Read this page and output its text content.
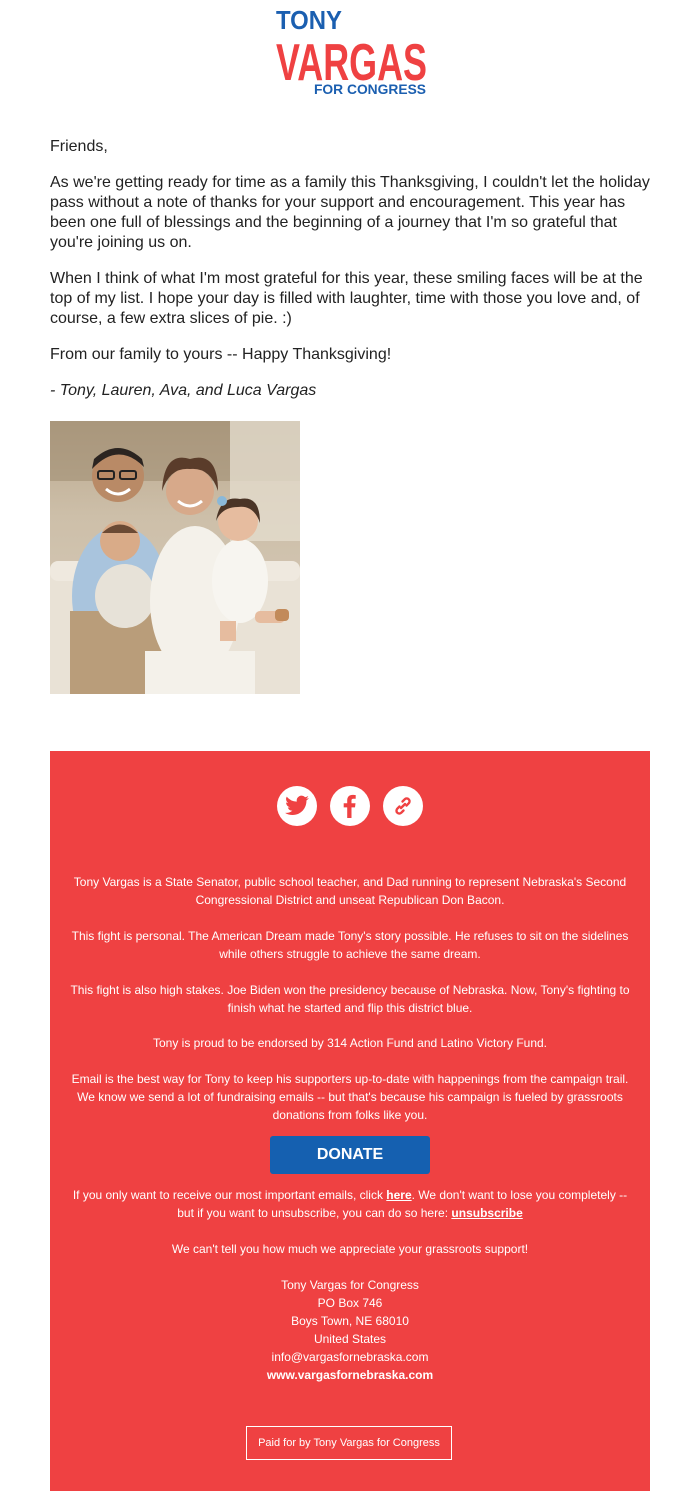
TONY
VARGAS
FOR CONGRESS

Friends,

As we're getting ready for time as a family this Thanksgiving, I couldn't let the holiday pass without a note of thanks for your support and encouragement. This year has been one full of blessings and the beginning of a journey that I'm so grateful that you're joining us on.

When I think of what I'm most grateful for this year, these smiling faces will be at the top of my list. I hope your day is filled with laughter, time with those you love and, of course, a few extra slices of pie. :)

From our family to yours -- Happy Thanksgiving!

- Tony, Lauren, Ava, and Luca Vargas

Tony Vargas is a State Senator, public school teacher, and Dad running to represent Nebraska's Second Congressional District and unseat Republican Don Bacon.

This fight is personal. The American Dream made Tony's story possible. He refuses to sit on the sidelines while others struggle to achieve the same dream.

This fight is also high stakes. Joe Biden won the presidency because of Nebraska. Now, Tony's fighting to finish what he started and flip this district blue.

Tony is proud to be endorsed by 314 Action Fund and Latino Victory Fund.

Email is the best way for Tony to keep his supporters up-to-date with happenings from the campaign trail. We know we send a lot of fundraising emails -- but that's because his campaign is fueled by grassroots donations from folks like you.

DONATE

If you only want to receive our most important emails, click here. We don't want to lose you completely -- but if you want to unsubscribe, you can do so here: unsubscribe

We can't tell you how much we appreciate your grassroots support!

Tony Vargas for Congress

PO Box 746

Boys Town, NE 68010

United States

info@vargasfornebraska.com

www.vargasfornebraska.com

Paid for by Tony Vargas for Congress
